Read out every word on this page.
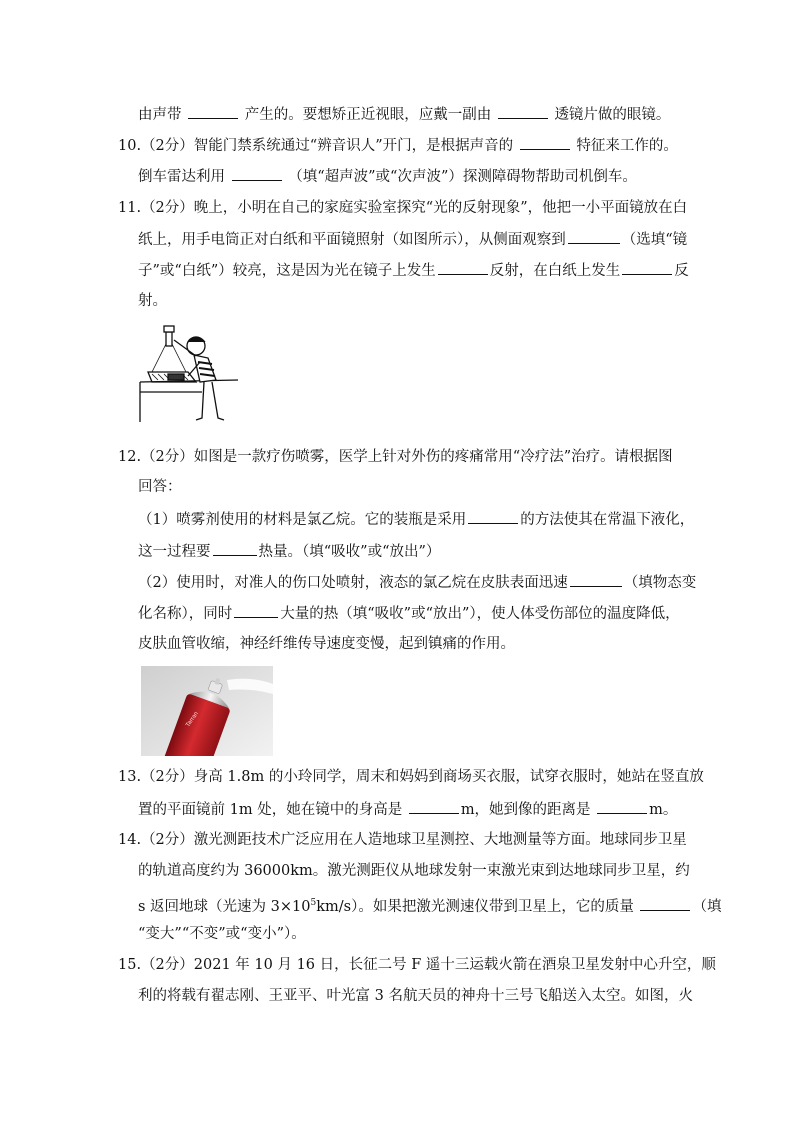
由声带	产生的。要想矫正近视眼，应戴一副由	透镜片做的眼镜。
10.（2分）智能门禁系统通过“辨音识人”开门，是根据声音的	特征来工作的。
倒车雷达利用	（填“超声波”或“次声波”）探测障碍物帮助司机倒车。
11.（2分）晚上，小明在自己的家庭实验室探究“光的反射现象”，他把一小平面镜放在白
纸上，用手电筒正对白纸和平面镜照射（如图所示），从侧面观察到	（选填“镜
子”或“白纸”）较亮，这是因为光在镜子上发生	反射，在白纸上发生	反
射。
12.（2分）如图是一款疗伤喷雾，医学上针对外伤的疼痛常用“冷疗法”治疗。请根据图
回答：
（1）喷雾剂使用的材料是氯乙烷。它的装瓶是采用	的方法使其在常温下液化，
这一过程要	热量。（填“吸收”或“放出”）
（2）使用时，对准人的伤口处喷射，液态的氯乙烷在皮肤表面迅速	（填物态变
化名称），同时	大量的热（填“吸收”或“放出”），使人体受伤部位的温度降低，
皮肤血管收缩，神经纤维传导速度变慢，起到镇痛的作用。
Tarran
13.（2分）身高 1.8m 的小玲同学，周末和妈妈到商场买衣服，试穿衣服时，她站在竖直放
置的平面镜前 1m 处，她在镜中的身高是	m，她到像的距离是	m。
14.（2分）激光测距技术广泛应用在人造地球卫星测控、大地测量等方面。地球同步卫星
的轨道高度约为 36000km。激光测距仪从地球发射一束激光束到达地球同步卫星，约
s 返回地球（光速为 $3\times 10^5km/s$）。如果把激光测速仪带到卫星上，它的质量	（填
“变大”“不变”或“变小”）。
15.（2分）2021 年 10 月 16 日，长征二号 F 遥十三运载火箭在酒泉卫星发射中心升空，顺
利的将载有翟志刚、王亚平、叶光富 3 名航天员的神舟十三号飞船送入太空。如图，火
